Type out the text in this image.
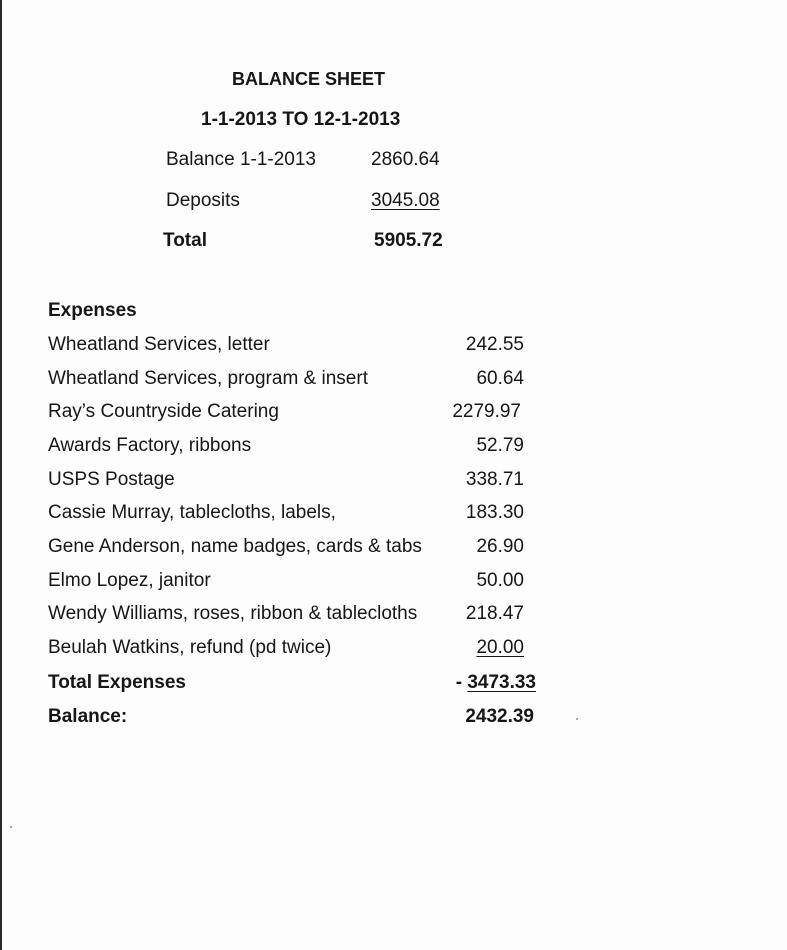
BALANCE SHEET
1-1-2013 TO 12-1-2013
Balance 1-1-2013	2860.64
Deposits	3045.08
Total	5905.72
Expenses
Wheatland Services, letter	242.55
Wheatland Services, program & insert	60.64
Ray’s Countryside Catering	2279.97
Awards Factory, ribbons	52.79
USPS Postage	338.71
Cassie Murray, tablecloths, labels,	183.30
Gene Anderson, name badges, cards & tabs	26.90
Elmo Lopez, janitor	50.00
Wendy Williams, roses, ribbon & tablecloths	218.47
Beulah Watkins, refund (pd twice)	20.00
Total Expenses	- 3473.33
Balance:	2432.39
